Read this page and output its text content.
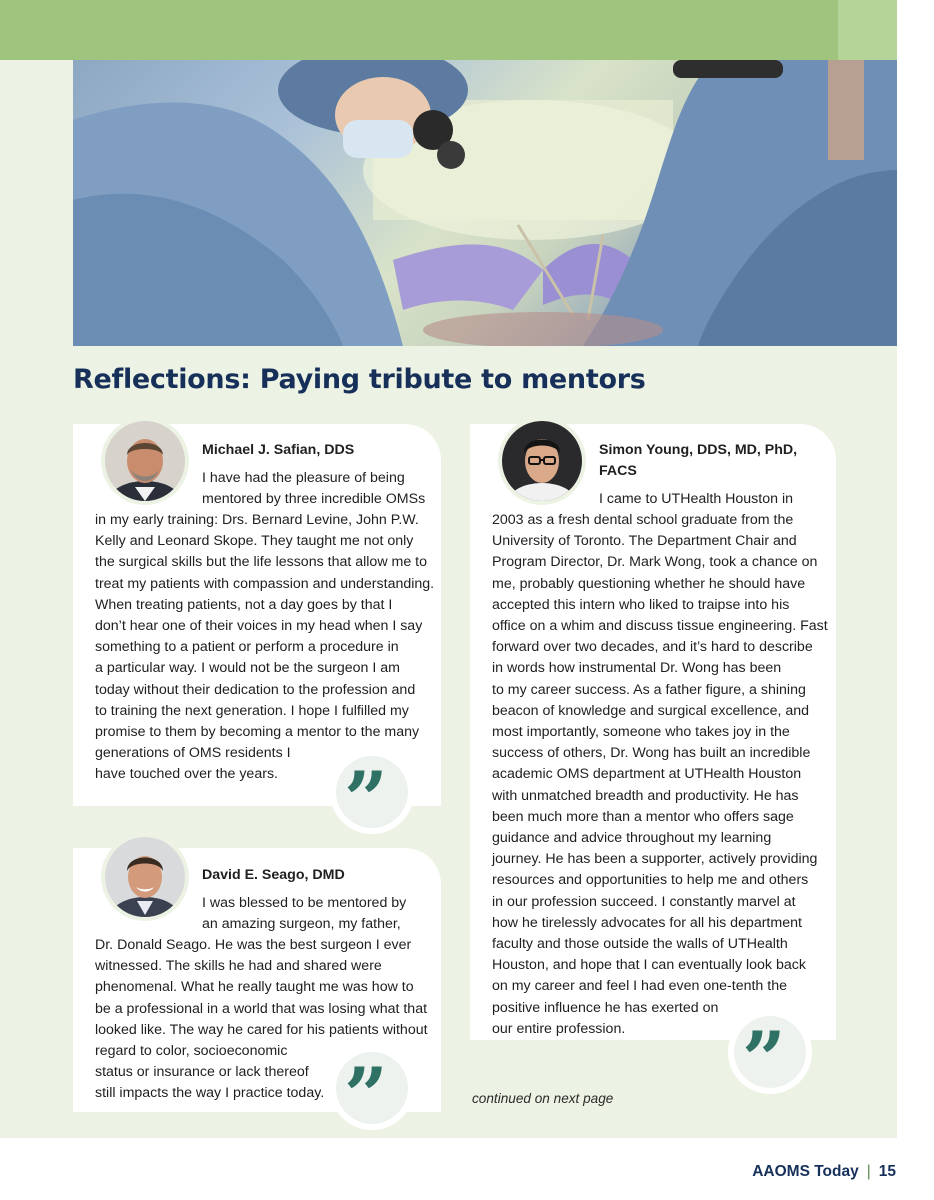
Reflections: Paying tribute to mentors
Michael J. Safian, DDS
I have had the pleasure of being
mentored by three incredible OMSs
in my early training: Drs. Bernard Levine, John P.W.
Kelly and Leonard Skope. They taught me not only
the surgical skills but the life lessons that allow me to
treat my patients with compassion and understanding.
When treating patients, not a day goes by that I
don’t hear one of their voices in my head when I say
something to a patient or perform a procedure in
a particular way. I would not be the surgeon I am
today without their dedication to the profession and
to training the next generation. I hope I fulfilled my
promise to them by becoming a mentor to the many
generations of OMS residents I
have touched over the years. ”
David E. Seago, DMD
I was blessed to be mentored by
an amazing surgeon, my father,
Dr. Donald Seago. He was the best surgeon I ever
witnessed. The skills he had and shared were
phenomenal. What he really taught me was how to
be a professional in a world that was losing what that
looked like. The way he cared for his patients without
regard to color, socioeconomic
status or insurance or lack thereof
still impacts the way I practice today. ”
Simon Young, DDS, MD, PhD,
FACS
I came to UTHealth Houston in
2003 as a fresh dental school graduate from the
University of Toronto. The Department Chair and
Program Director, Dr. Mark Wong, took a chance on
me, probably questioning whether he should have
accepted this intern who liked to traipse into his
office on a whim and discuss tissue engineering. Fast
forward over two decades, and it’s hard to describe
in words how instrumental Dr. Wong has been
to my career success. As a father figure, a shining
beacon of knowledge and surgical excellence, and
most importantly, someone who takes joy in the
success of others, Dr. Wong has built an incredible
academic OMS department at UTHealth Houston
with unmatched breadth and productivity. He has
been much more than a mentor who offers sage
guidance and advice throughout my learning
journey. He has been a supporter, actively providing
resources and opportunities to help me and others
in our profession succeed. I constantly marvel at
how he tirelessly advocates for all his department
faculty and those outside the walls of UTHealth
Houston, and hope that I can eventually look back
on my career and feel I had even one-tenth the
positive influence he has exerted on
our entire profession.	”
continued on next page
AAOMS Today | 15
